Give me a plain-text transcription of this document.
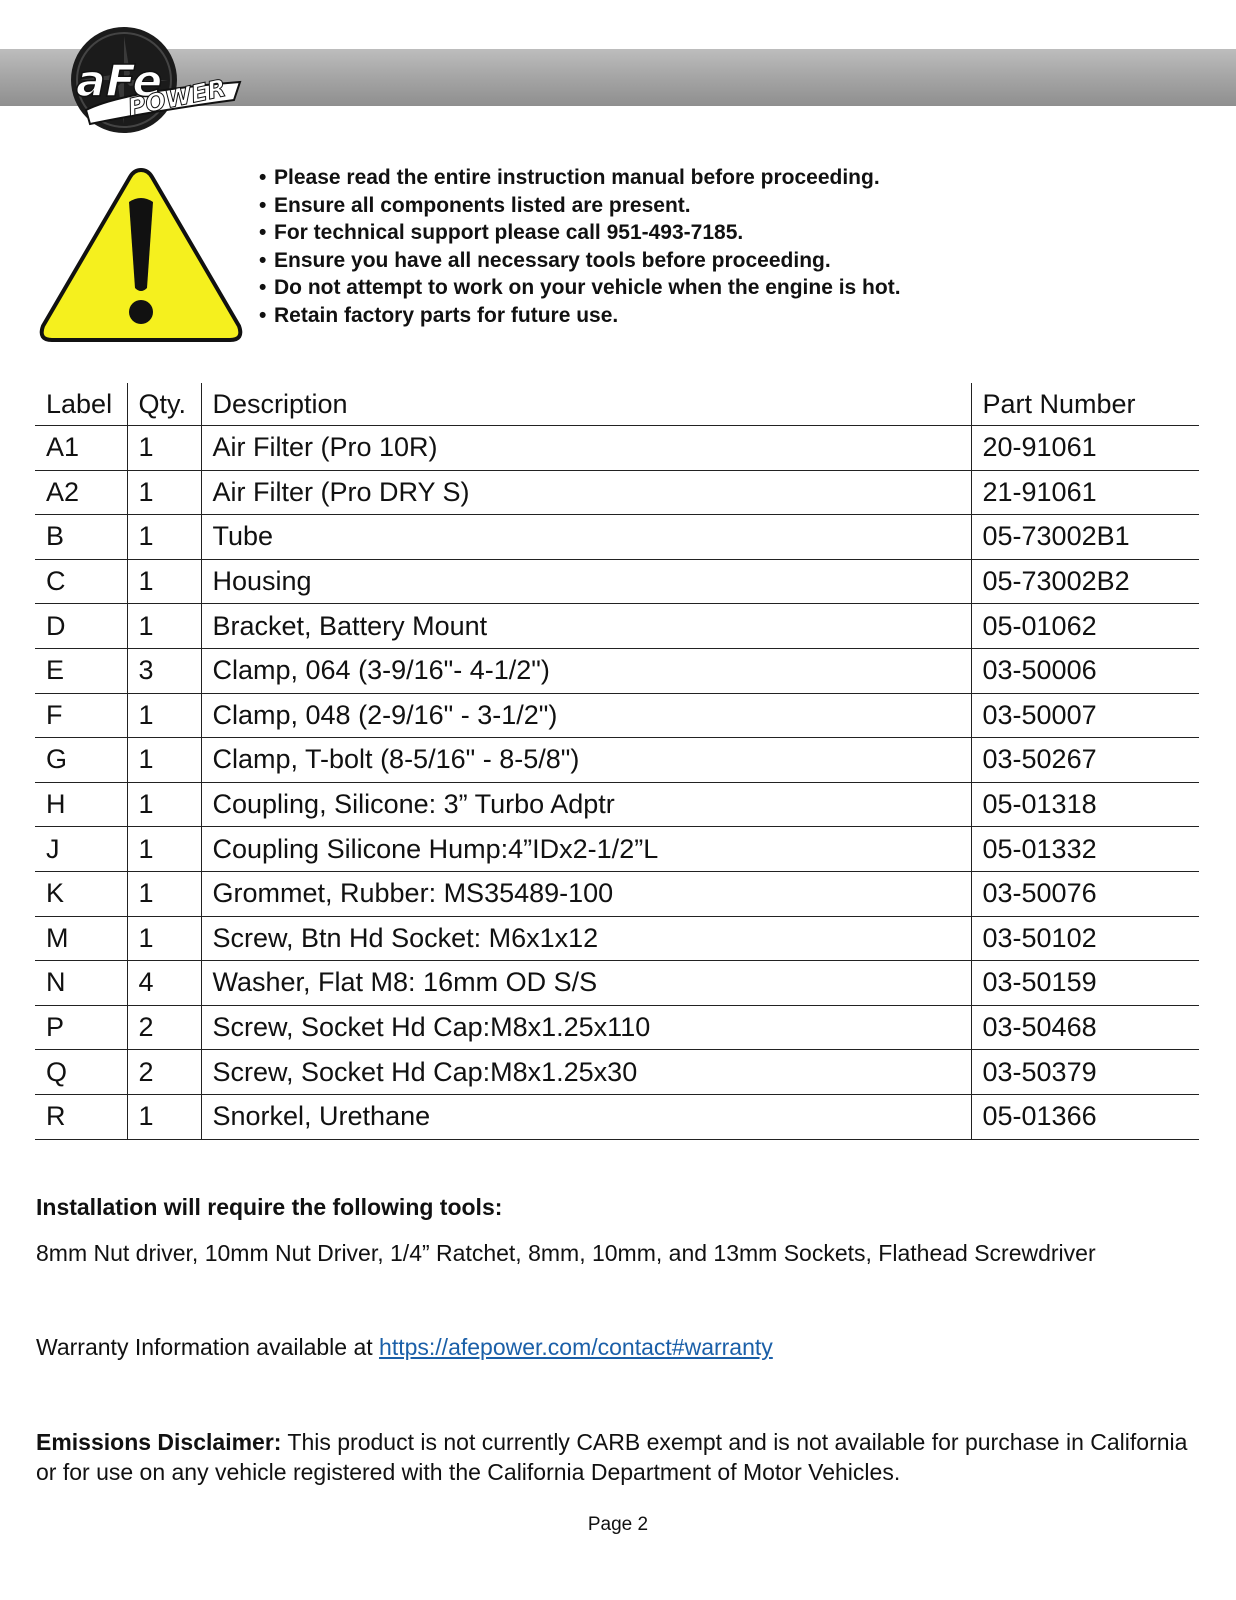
aFe
POWER
• Please read the entire instruction manual before proceeding.
• Ensure all components listed are present.
• For technical support please call 951-493-7185.
• Ensure you have all necessary tools before proceeding.
• Do not attempt to work on your vehicle when the engine is hot.
• Retain factory parts for future use.
Label	Qty.	Description	Part Number
A1	1	Air Filter (Pro 10R)	20-91061
A2	1	Air Filter (Pro DRY S)	21-91061
B	1	Tube	05-73002B1
C	1	Housing	05-73002B2
D	1	Bracket, Battery Mount	05-01062
E	3	Clamp, 064 (3-9/16"- 4-1/2")	03-50006
F	1	Clamp, 048 (2-9/16" - 3-1/2")	03-50007
G	1	Clamp, T-bolt (8-5/16" - 8-5/8")	03-50267
H	1	Coupling, Silicone: 3” Turbo Adptr	05-01318
J	1	Coupling Silicone Hump:4”IDx2-1/2”L	05-01332
K	1	Grommet, Rubber: MS35489-100	03-50076
M	1	Screw, Btn Hd Socket: M6x1x12	03-50102
N	4	Washer, Flat M8: 16mm OD S/S	03-50159
P	2	Screw, Socket Hd Cap:M8x1.25x110	03-50468
Q	2	Screw, Socket Hd Cap:M8x1.25x30	03-50379
R	1	Snorkel, Urethane	05-01366
Installation will require the following tools:
8mm Nut driver, 10mm Nut Driver, 1/4” Ratchet, 8mm, 10mm, and 13mm Sockets, Flathead Screwdriver
Warranty Information available at https://afepower.com/contact#warranty
Emissions Disclaimer: This product is not currently CARB exempt and is not available for purchase in California or for use on any vehicle registered with the California Department of Motor Vehicles.
Page 2
